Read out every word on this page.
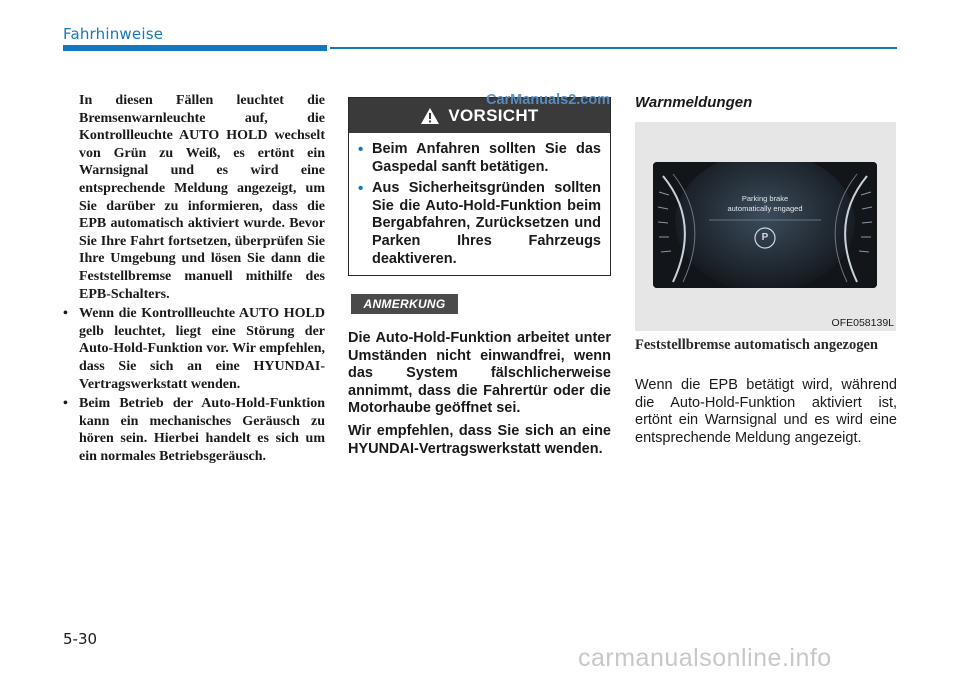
Fahrhinweise
In diesen Fällen leuchtet die Bremsenwarnleuchte auf, die Kontrollleuchte AUTO HOLD wechselt von Grün zu Weiß, es ertönt ein Warnsignal und es wird eine entsprechende Meldung angezeigt, um Sie darüber zu informieren, dass die EPB automatisch aktiviert wurde. Bevor Sie Ihre Fahrt fortsetzen, überprüfen Sie Ihre Umgebung und lösen Sie dann die Feststellbremse manuell mithilfe des EPB-Schalters.
• Wenn die Kontrollleuchte AUTO HOLD gelb leuchtet, liegt eine Störung der Auto-Hold-Funktion vor. Wir empfehlen, dass Sie sich an eine HYUNDAI-Vertragswerkstatt wenden.
• Beim Betrieb der Auto-Hold-Funktion kann ein mechanisches Geräusch zu hören sein. Hierbei handelt es sich um ein normales Betriebsgeräusch.
VORSICHT
• Beim Anfahren sollten Sie das Gaspedal sanft betätigen.
• Aus Sicherheitsgründen sollten Sie die Auto-Hold-Funktion beim Bergabfahren, Zurücksetzen und Parken Ihres Fahrzeugs deaktiveren.
CarManuals2.com
ANMERKUNG

Die Auto-Hold-Funktion arbeitet unter Umständen nicht einwandfrei, wenn das System fälschlicherweise annimmt, dass die Fahrertür oder die Motorhaube geöffnet sei.

Wir empfehlen, dass Sie sich an eine HYUNDAI-Vertragswerkstatt wenden.

Warnmeldungen
Parking brake
automatically engaged
P
OFE058139L
Feststellbremse automatisch angezogen
Wenn die EPB betätigt wird, während die Auto-Hold-Funktion aktiviert ist, ertönt ein Warnsignal und es wird eine entsprechende Meldung angezeigt.
5-30
carmanualsonline.info
